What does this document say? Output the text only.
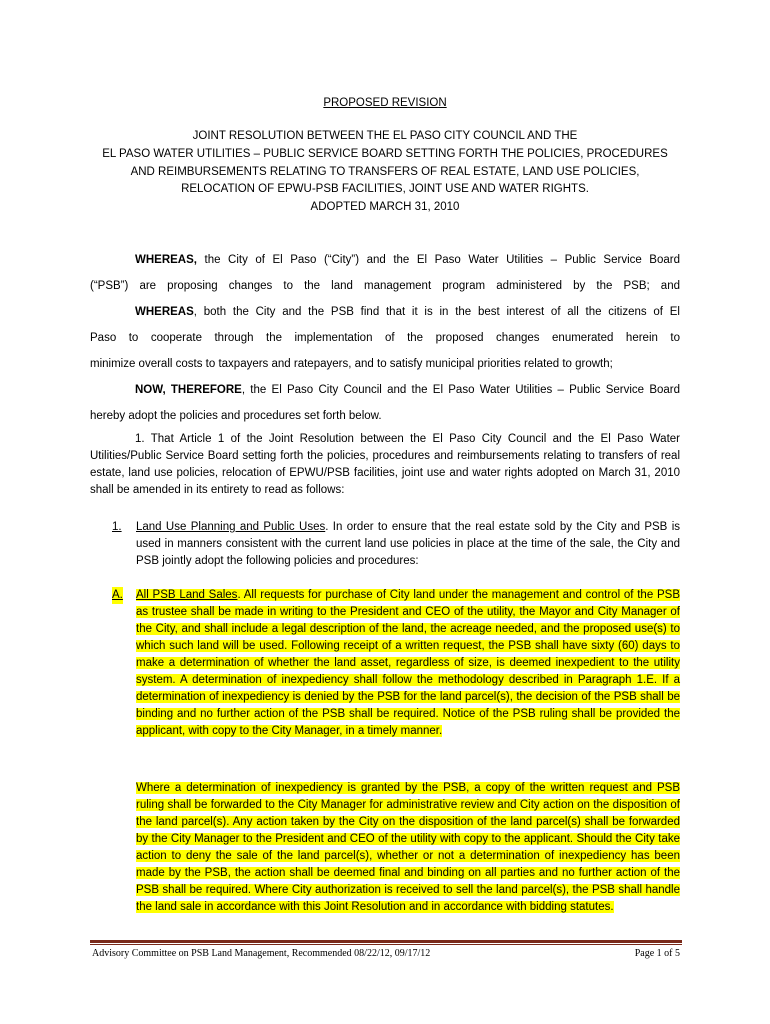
PROPOSED REVISION

JOINT RESOLUTION BETWEEN THE EL PASO CITY COUNCIL AND THE

EL PASO WATER UTILITIES – PUBLIC SERVICE BOARD SETTING FORTH THE POLICIES, PROCEDURES

AND REIMBURSEMENTS RELATING TO TRANSFERS OF REAL ESTATE, LAND USE POLICIES,

RELOCATION OF EPWU-PSB FACILITIES, JOINT USE AND WATER RIGHTS.

ADOPTED MARCH 31, 2010

WHEREAS, the City of El Paso (“City”) and the El Paso Water Utilities – Public Service Board
(“PSB”) are proposing changes to the land management program administered by the PSB; and
WHEREAS, both the City and the PSB find that it is in the best interest of all the citizens of El
Paso to cooperate through the implementation of the proposed changes enumerated herein to
minimize overall costs to taxpayers and ratepayers, and to satisfy municipal priorities related to growth;
NOW, THEREFORE, the El Paso City Council and the El Paso Water Utilities – Public Service Board
hereby adopt the policies and procedures set forth below.

1. That Article 1 of the Joint Resolution between the El Paso City Council and the El Paso Water Utilities/Public Service Board setting forth the policies, procedures and reimbursements relating to transfers of real estate, land use policies, relocation of EPWU/PSB facilities, joint use and water rights adopted on March 31, 2010 shall be amended in its entirety to read as follows:

1. Land Use Planning and Public Uses. In order to ensure that the real estate sold by the City and PSB is used in manners consistent with the current land use policies in place at the time of the sale, the City and PSB jointly adopt the following policies and procedures:

A. All PSB Land Sales. All requests for purchase of City land under the management and control of the PSB as trustee shall be made in writing to the President and CEO of the utility, the Mayor and City Manager of the City, and shall include a legal description of the land, the acreage needed, and the proposed use(s) to which such land will be used. Following receipt of a written request, the PSB shall have sixty (60) days to make a determination of whether the land asset, regardless of size, is deemed inexpedient to the utility system. A determination of inexpediency shall follow the methodology described in Paragraph 1.E. If a determination of inexpediency is denied by the PSB for the land parcel(s), the decision of the PSB shall be binding and no further action of the PSB shall be required. Notice of the PSB ruling shall be provided the applicant, with copy to the City Manager, in a timely manner.

Where a determination of inexpediency is granted by the PSB, a copy of the written request and PSB ruling shall be forwarded to the City Manager for administrative review and City action on the disposition of the land parcel(s). Any action taken by the City on the disposition of the land parcel(s) shall be forwarded by the City Manager to the President and CEO of the utility with copy to the applicant. Should the City take action to deny the sale of the land parcel(s), whether or not a determination of inexpediency has been made by the PSB, the action shall be deemed final and binding on all parties and no further action of the PSB shall be required. Where City authorization is received to sell the land parcel(s), the PSB shall handle the land sale in accordance with this Joint Resolution and in accordance with bidding statutes.

Advisory Committee on PSB Land Management, Recommended 08/22/12, 09/17/12	Page 1 of 5
